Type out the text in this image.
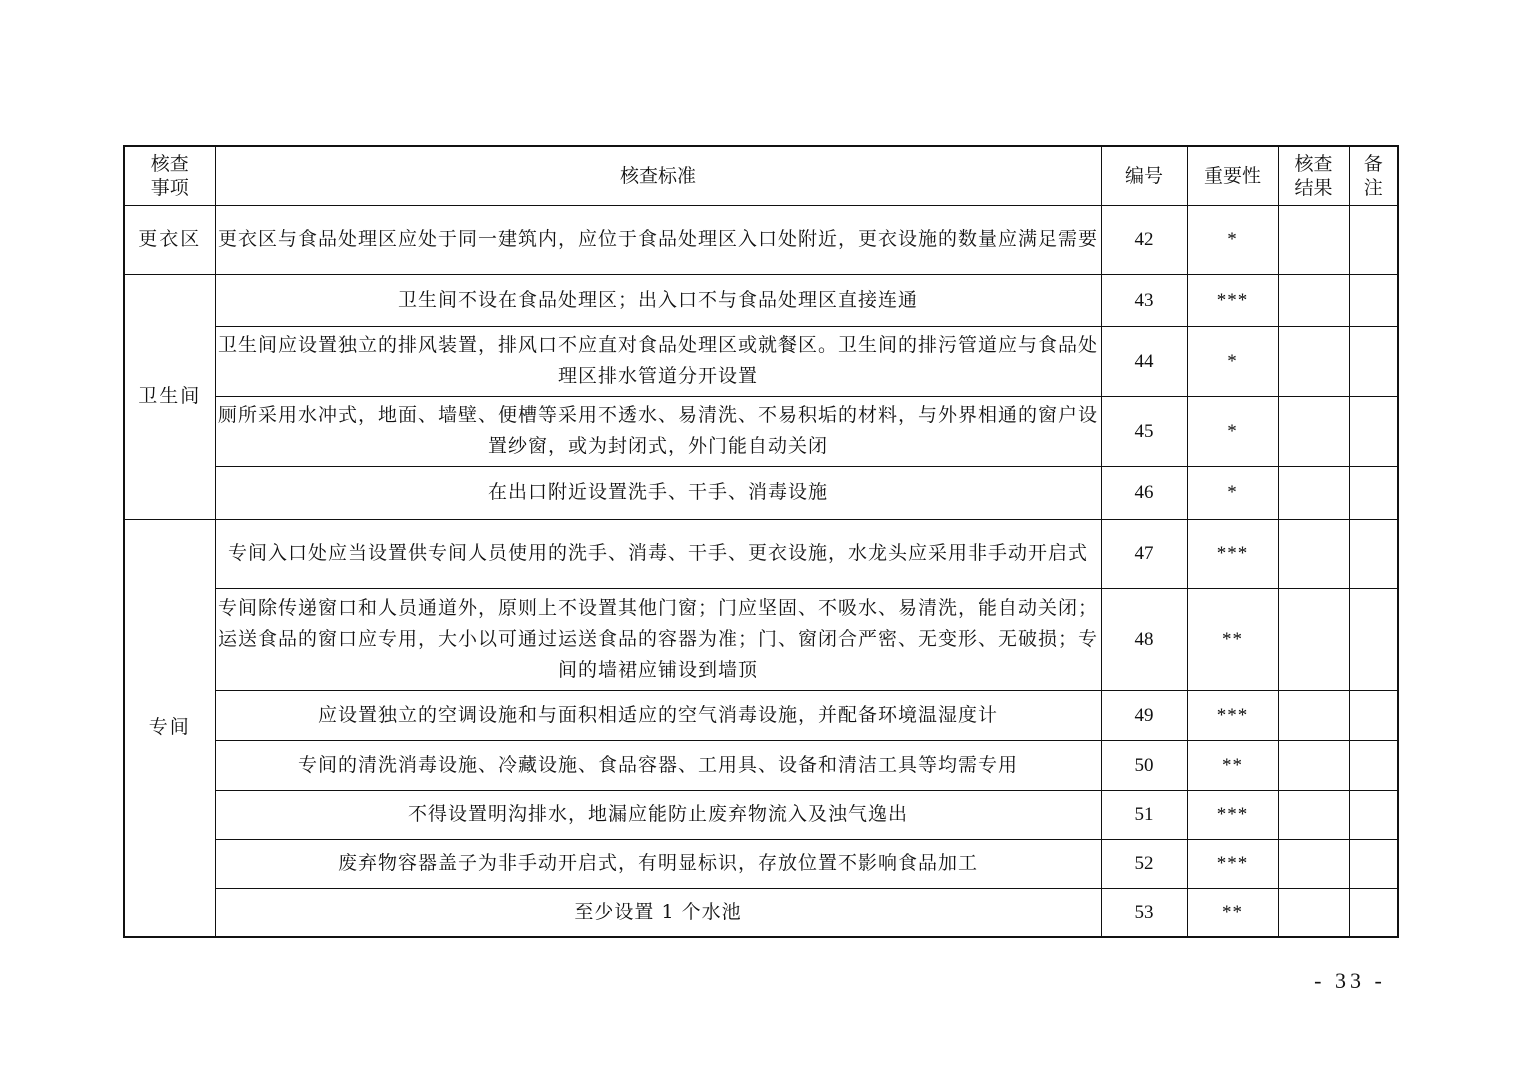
核查事项	核查标准	编号	重要性	核查结果	备注
更衣区	更衣区与食品处理区应处于同一建筑内，应位于食品处理区入口处附近，更衣设施的数量应满足需要	42	*		
卫生间	卫生间不设在食品处理区；出入口不与食品处理区直接连通	43	***		
	卫生间应设置独立的排风装置，排风口不应直对食品处理区或就餐区。卫生间的排污管道应与食品处理区排水管道分开设置	44	*		
	厕所采用水冲式，地面、墙壁、便槽等采用不透水、易清洗、不易积垢的材料，与外界相通的窗户设置纱窗，或为封闭式，外门能自动关闭	45	*		
	在出口附近设置洗手、干手、消毒设施	46	*		
专间	专间入口处应当设置供专间人员使用的洗手、消毒、干手、更衣设施，水龙头应采用非手动开启式	47	***		
	专间除传递窗口和人员通道外，原则上不设置其他门窗；门应坚固、不吸水、易清洗，能自动关闭；运送食品的窗口应专用，大小以可通过运送食品的容器为准；门、窗闭合严密、无变形、无破损；专间的墙裙应铺设到墙顶	48	**		
	应设置独立的空调设施和与面积相适应的空气消毒设施，并配备环境温湿度计	49	***		
	专间的清洗消毒设施、冷藏设施、食品容器、工用具、设备和清洁工具等均需专用	50	**		
	不得设置明沟排水，地漏应能防止废弃物流入及浊气逸出	51	***		
	废弃物容器盖子为非手动开启式，有明显标识，存放位置不影响食品加工	52	***		
	至少设置 1 个水池	53	**		
- 33 -
